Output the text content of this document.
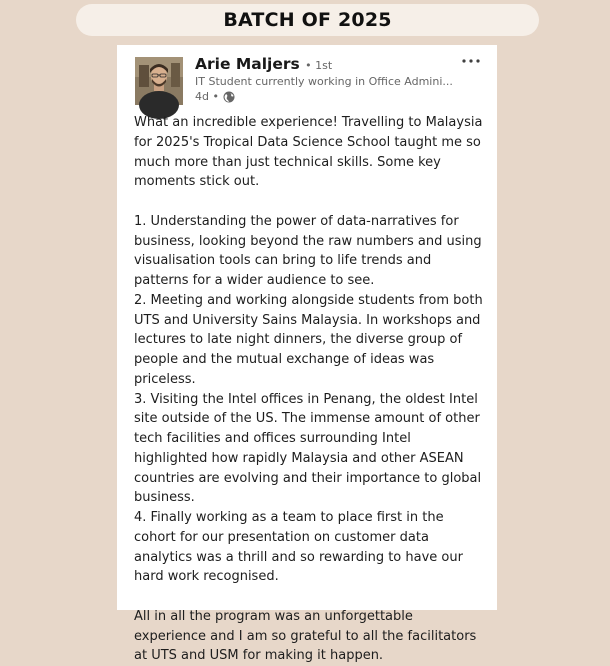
BATCH OF 2025
Arie Maljers • 1st
IT Student currently working in Office Admini...
4d •

What an incredible experience! Travelling to Malaysia for 2025's Tropical Data Science School taught me so much more than just technical skills. Some key moments stick out.

1. Understanding the power of data-narratives for business, looking beyond the raw numbers and using visualisation tools can bring to life trends and patterns for a wider audience to see.

2. Meeting and working alongside students from both UTS and University Sains Malaysia. In workshops and lectures to late night dinners, the diverse group of people and the mutual exchange of ideas was priceless.

3. Visiting the Intel offices in Penang, the oldest Intel site outside of the US. The immense amount of other tech facilities and offices surrounding Intel highlighted how rapidly Malaysia and other ASEAN countries are evolving and their importance to global business.

4. Finally working as a team to place first in the cohort for our presentation on customer data analytics was a thrill and so rewarding to have our hard work recognised.

All in all the program was an unforgettable experience and I am so grateful to all the facilitators at UTS and USM for making it happen.
